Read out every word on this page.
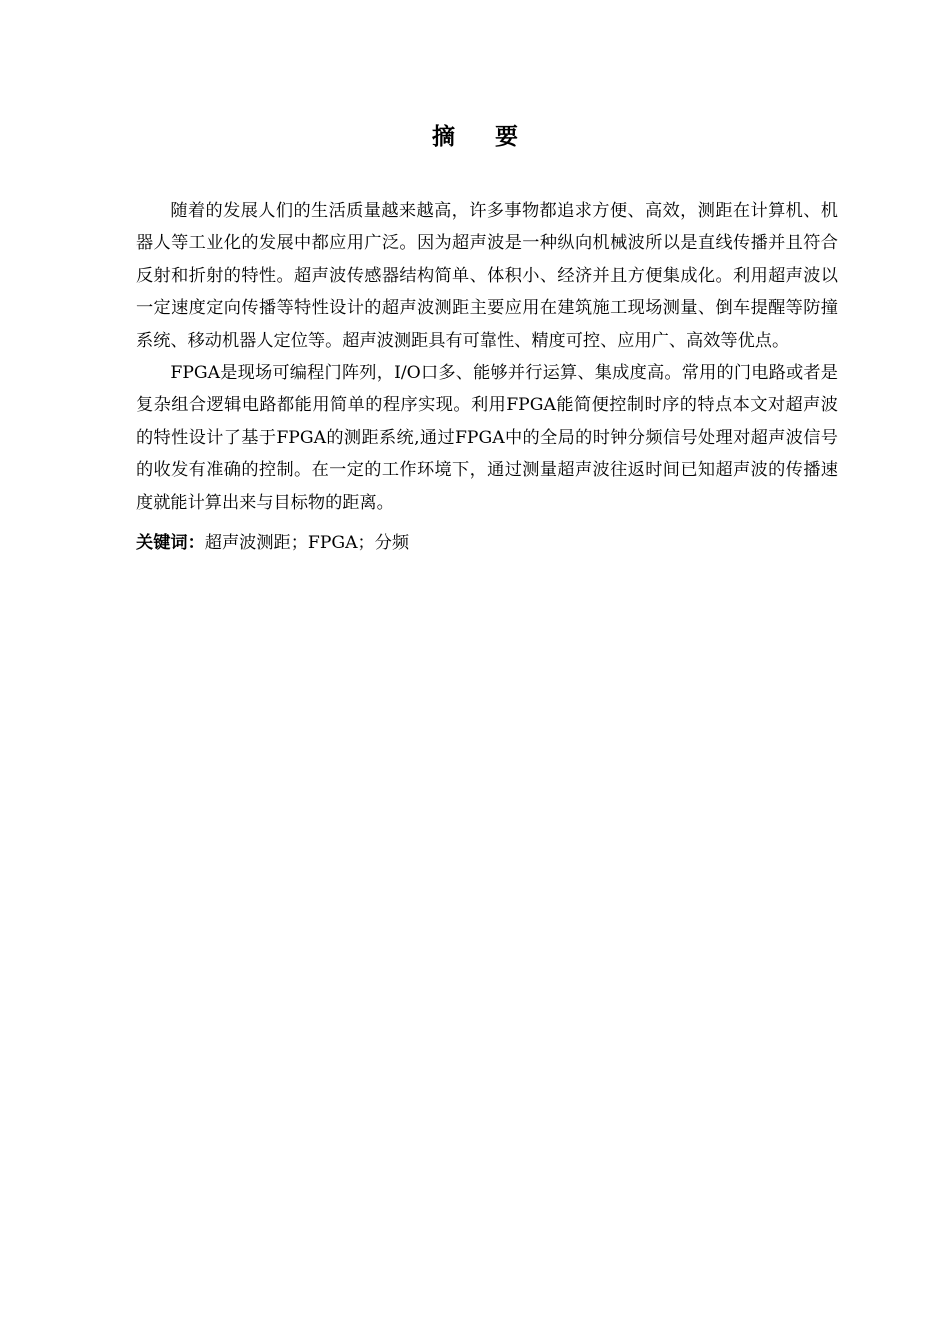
摘 要

随着的发展人们的生活质量越来越高，许多事物都追求方便、高效，测距在计算机、机器人等工业化的发展中都应用广泛。因为超声波是一种纵向机械波所以是直线传播并且符合反射和折射的特性。超声波传感器结构简单、体积小、经济并且方便集成化。利用超声波以一定速度定向传播等特性设计的超声波测距主要应用在建筑施工现场测量、倒车提醒等防撞系统、移动机器人定位等。超声波测距具有可靠性、精度可控、应用广、高效等优点。

FPGA是现场可编程门阵列，I/O口多、能够并行运算、集成度高。常用的门电路或者是复杂组合逻辑电路都能用简单的程序实现。利用FPGA能简便控制时序的特点本文对超声波的特性设计了基于FPGA的测距系统,通过FPGA中的全局的时钟分频信号处理对超声波信号的收发有准确的控制。在一定的工作环境下，通过测量超声波往返时间已知超声波的传播速度就能计算出来与目标物的距离。

关键词：超声波测距；FPGA；分频
